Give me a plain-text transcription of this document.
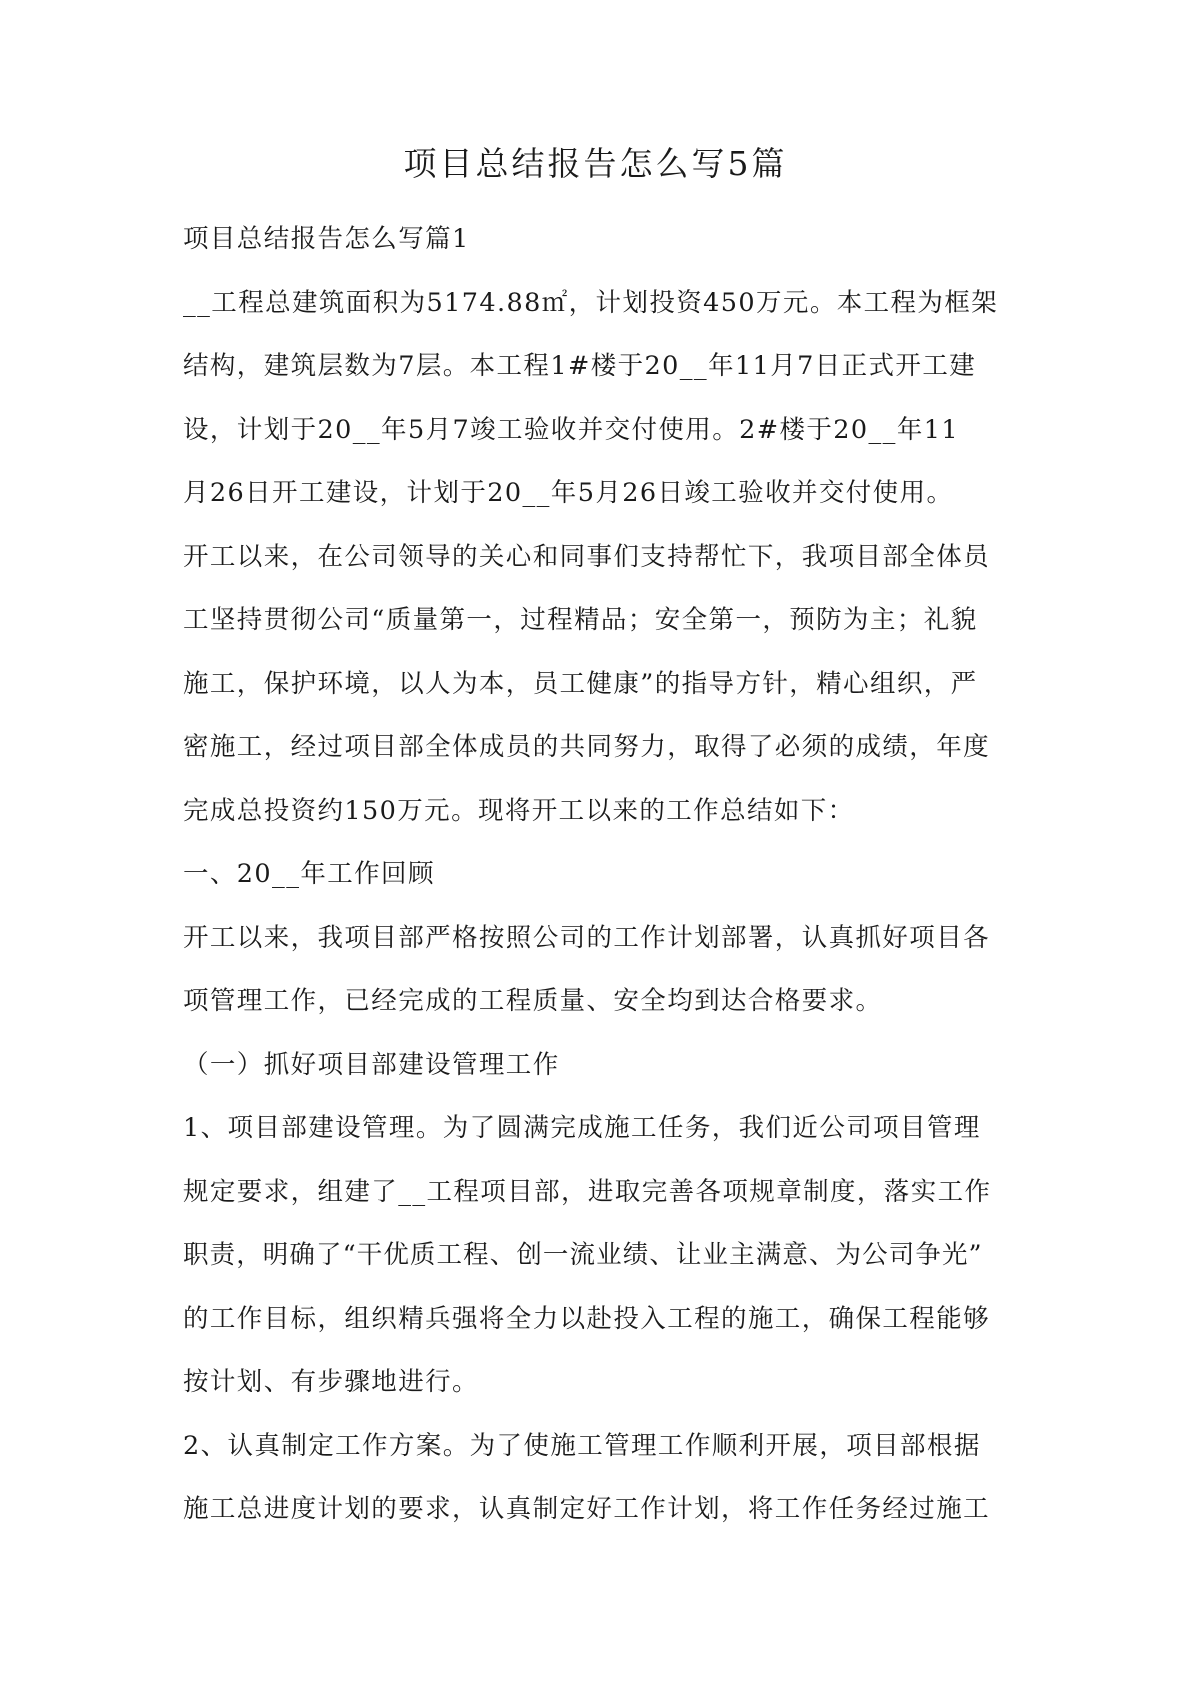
项目总结报告怎么写5篇
项目总结报告怎么写篇1
__工程总建筑面积为5174.88㎡，计划投资450万元。本工程为框架
结构，建筑层数为7层。本工程1#楼于20__年11月7日正式开工建
设，计划于20__年5月7竣工验收并交付使用。2#楼于20__年11
月26日开工建设，计划于20__年5月26日竣工验收并交付使用。
开工以来，在公司领导的关心和同事们支持帮忙下，我项目部全体员
工坚持贯彻公司“质量第一，过程精品；安全第一，预防为主；礼貌
施工，保护环境，以人为本，员工健康”的指导方针，精心组织，严
密施工，经过项目部全体成员的共同努力，取得了必须的成绩，年度
完成总投资约150万元。现将开工以来的工作总结如下：
一、20__年工作回顾
开工以来，我项目部严格按照公司的工作计划部署，认真抓好项目各
项管理工作，已经完成的工程质量、安全均到达合格要求。
（一）抓好项目部建设管理工作
1、项目部建设管理。为了圆满完成施工任务，我们近公司项目管理
规定要求，组建了__工程项目部，进取完善各项规章制度，落实工作
职责，明确了“干优质工程、创一流业绩、让业主满意、为公司争光”
的工作目标，组织精兵强将全力以赴投入工程的施工，确保工程能够
按计划、有步骤地进行。
2、认真制定工作方案。为了使施工管理工作顺利开展，项目部根据
施工总进度计划的要求，认真制定好工作计划，将工作任务经过施工
